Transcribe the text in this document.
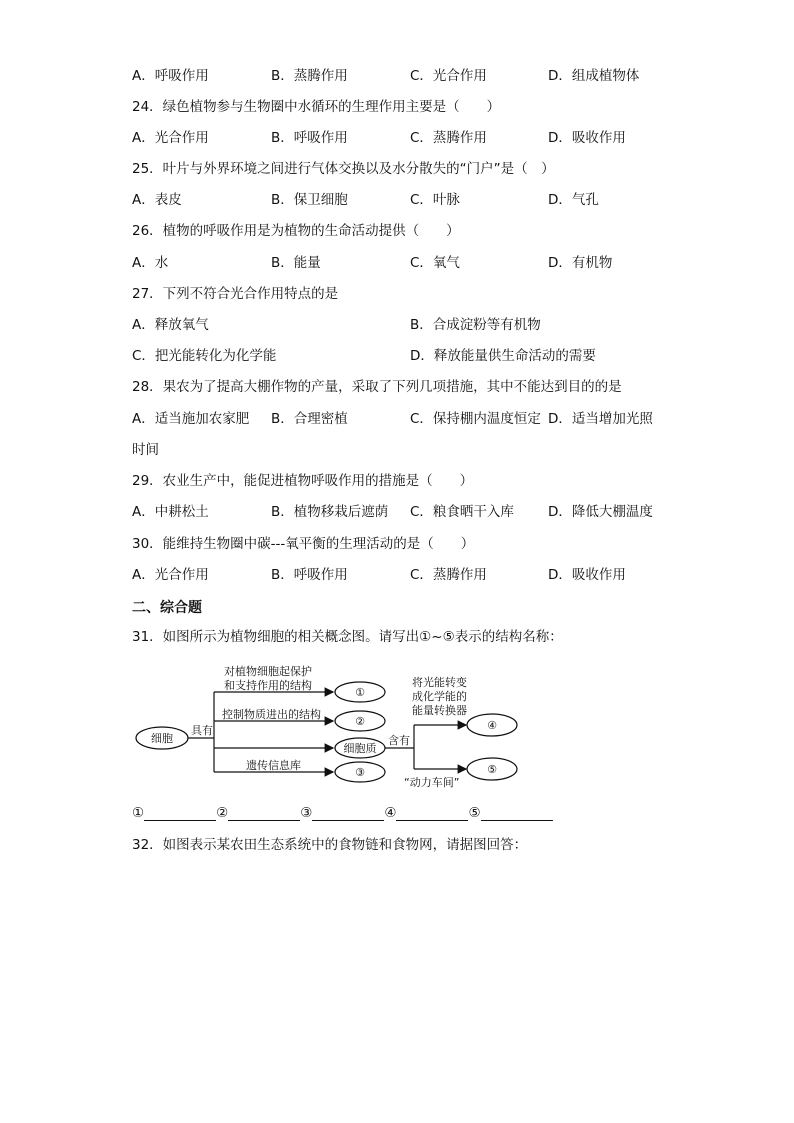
A．呼吸作用	B．蒸腾作用	C．光合作用	D．组成植物体
24．绿色植物参与生物圈中水循环的生理作用主要是（　　）
A．光合作用	B．呼吸作用	C．蒸腾作用	D．吸收作用
25．叶片与外界环境之间进行气体交换以及水分散失的“门户”是（　）
A．表皮	B．保卫细胞	C．叶脉	D．气孔
26．植物的呼吸作用是为植物的生命活动提供（　　）
A．水	B．能量	C．氧气	D．有机物
27．下列不符合光合作用特点的是
A．释放氧气	B．合成淀粉等有机物
C．把光能转化为化学能	D．释放能量供生命活动的需要
28．果农为了提高大棚作物的产量，采取了下列几项措施，其中不能达到目的的是
A．适当施加农家肥 B．合理密植	C．保持棚内温度恒定 D．适当增加光照
时间
29．农业生产中，能促进植物呼吸作用的措施是（　　）
A．中耕松土	B．植物移栽后遮荫 C．粮食晒干入库	D．降低大棚温度
30．能维持生物圈中碳---氧平衡的生理活动的是（　　）
A．光合作用	B．呼吸作用	C．蒸腾作用	D．吸收作用
二、综合题
31．如图所示为植物细胞的相关概念图。请写出①~⑤表示的结构名称：
细胞
具有
对植物细胞起保护
和支持作用的结构
①
控制物质进出的结构
②
细胞质
遗传信息库
③
含有
将光能转变
成化学能的
能量转换器
④
⑤
“动力车间”
①	②	③	④	⑤
32．如图表示某农田生态系统中的食物链和食物网，请据图回答：
